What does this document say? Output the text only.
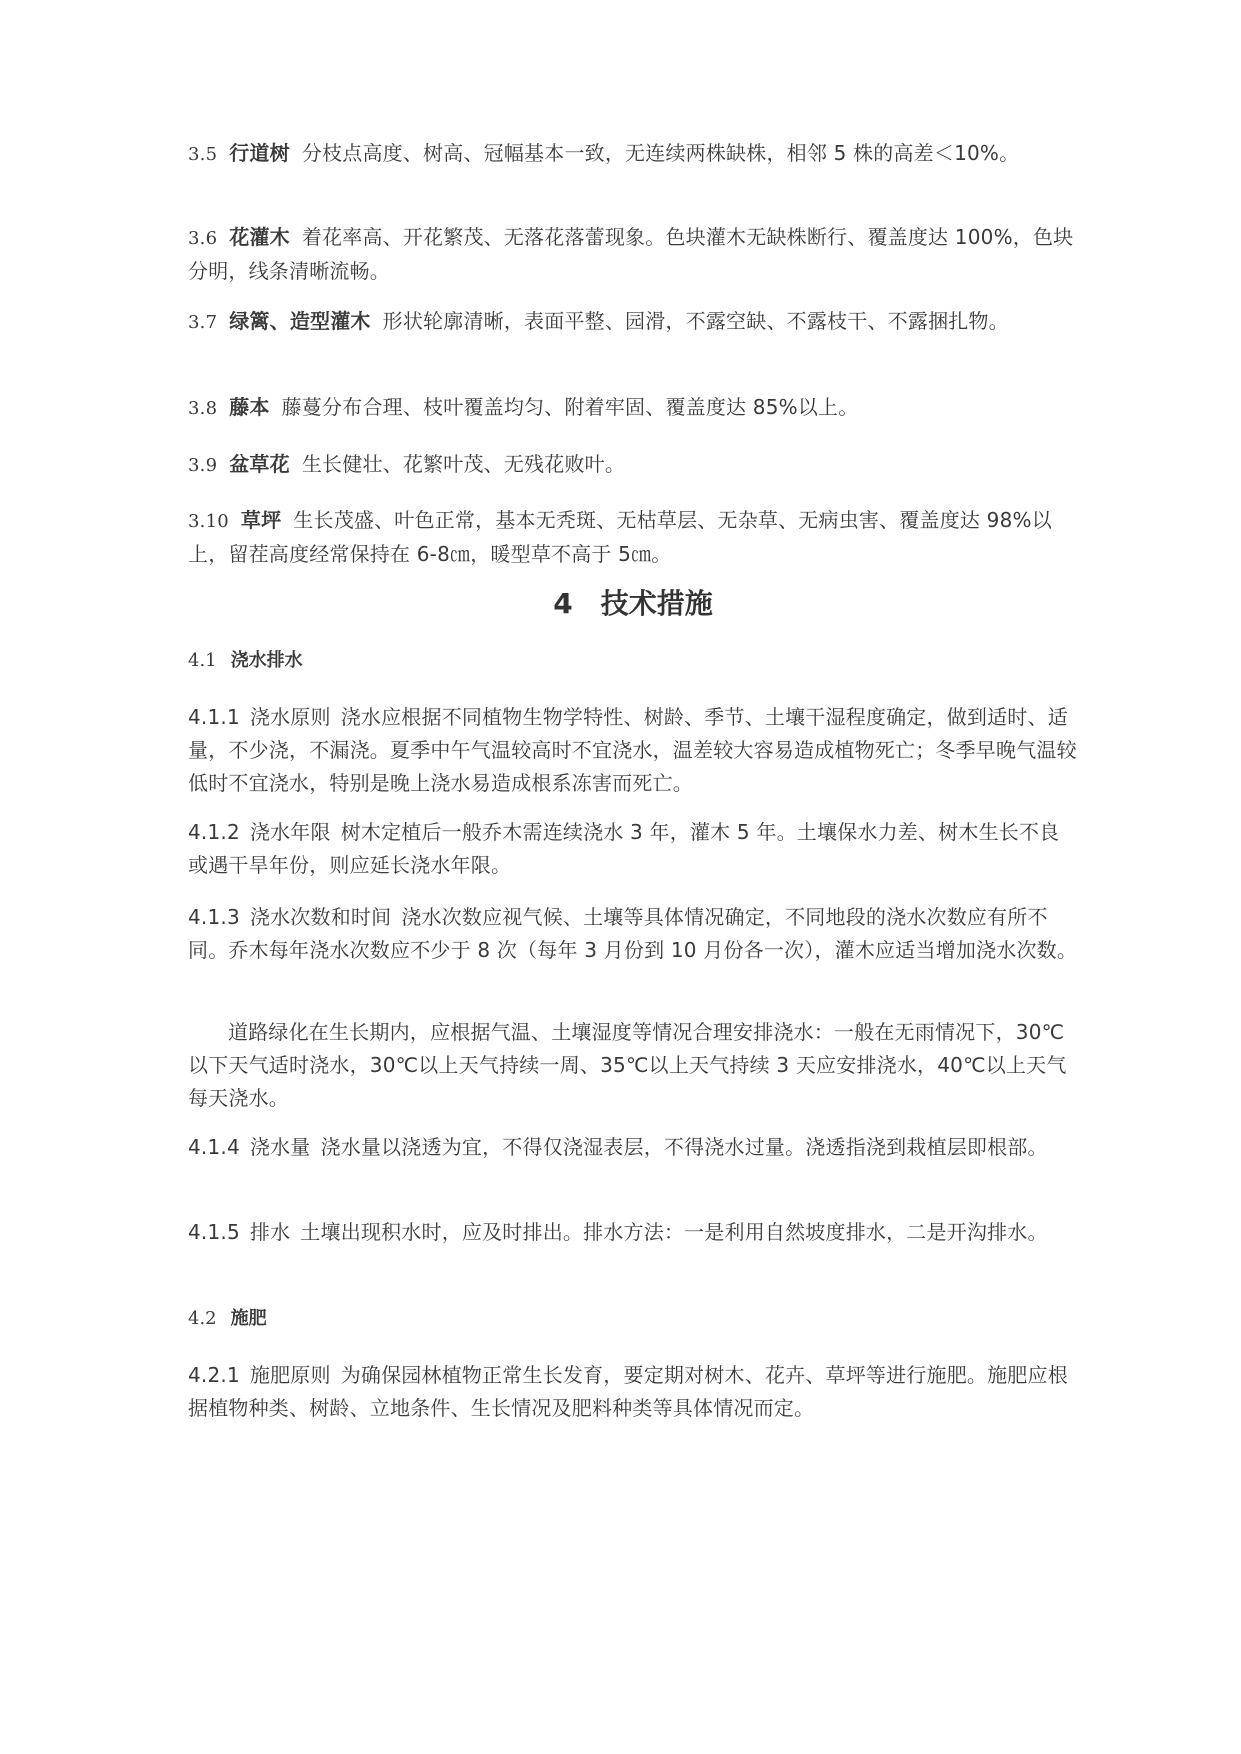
3.5 行道树 分枝点高度、树高、冠幅基本一致，无连续两株缺株，相邻 5 株的高差＜10%。

3.6 花灌木 着花率高、开花繁茂、无落花落蕾现象。色块灌木无缺株断行、覆盖度达 100%，色块分明，线条清晰流畅。

3.7 绿篱、造型灌木 形状轮廓清晰，表面平整、园滑，不露空缺、不露枝干、不露捆扎物。

3.8 藤本 藤蔓分布合理、枝叶覆盖均匀、附着牢固、覆盖度达 85%以上。

3.9 盆草花 生长健壮、花繁叶茂、无残花败叶。

3.10 草坪 生长茂盛、叶色正常，基本无秃斑、无枯草层、无杂草、无病虫害、覆盖度达 98%以上，留茬高度经常保持在 6-8㎝，暖型草不高于 5㎝。

4 技术措施
4.1 浇水排水

4.1.1 浇水原则 浇水应根据不同植物生物学特性、树龄、季节、土壤干湿程度确定，做到适时、适量，不少浇，不漏浇。夏季中午气温较高时不宜浇水，温差较大容易造成植物死亡；冬季早晚气温较低时不宜浇水，特别是晚上浇水易造成根系冻害而死亡。

4.1.2 浇水年限 树木定植后一般乔木需连续浇水 3 年，灌木 5 年。土壤保水力差、树木生长不良或遇干旱年份，则应延长浇水年限。

4.1.3 浇水次数和时间 浇水次数应视气候、土壤等具体情况确定，不同地段的浇水次数应有所不同。乔木每年浇水次数应不少于 8 次（每年 3 月份到 10 月份各一次），灌木应适当增加浇水次数。

道路绿化在生长期内，应根据气温、土壤湿度等情况合理安排浇水：一般在无雨情况下，30℃以下天气适时浇水，30℃以上天气持续一周、35℃以上天气持续 3 天应安排浇水，40℃以上天气每天浇水。

4.1.4 浇水量 浇水量以浇透为宜，不得仅浇湿表层，不得浇水过量。浇透指浇到栽植层即根部。

4.1.5 排水 土壤出现积水时，应及时排出。排水方法：一是利用自然坡度排水，二是开沟排水。

4.2 施肥

4.2.1 施肥原则 为确保园林植物正常生长发育，要定期对树木、花卉、草坪等进行施肥。施肥应根据植物种类、树龄、立地条件、生长情况及肥料种类等具体情况而定。
